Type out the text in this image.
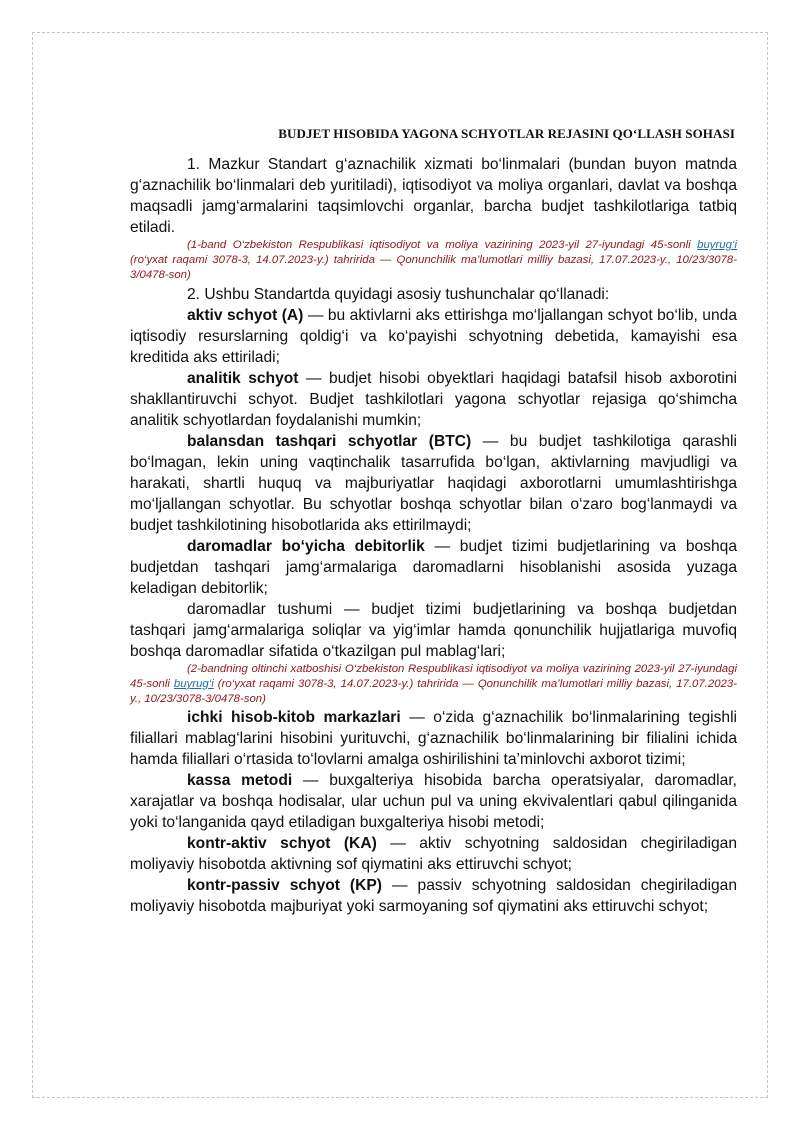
BUDJET HISOBIDA YAGONA SCHYOTLAR REJASINI QO‘LLASH SOHASI

1. Mazkur Standart g‘aznachilik xizmati bo‘linmalari (bundan buyon matnda g‘aznachilik bo‘linmalari deb yuritiladi), iqtisodiyot va moliya organlari, davlat va boshqa maqsadli jamg‘armalarini taqsimlovchi organlar, barcha budjet tashkilotlariga tatbiq etiladi.

(1-band O‘zbekiston Respublikasi iqtisodiyot va moliya vazirining 2023-yil 27-iyundagi 45-sonli buyrug‘i (ro‘yxat raqami 3078-3, 14.07.2023-y.) tahririda — Qonunchilik ma’lumotlari milliy bazasi, 17.07.2023-y., 10/23/3078-3/0478-son)

2. Ushbu Standartda quyidagi asosiy tushunchalar qo‘llanadi:

aktiv schyot (A) — bu aktivlarni aks ettirishga mo‘ljallangan schyot bo‘lib, unda iqtisodiy resurslarning qoldig‘i va ko‘payishi schyotning debetida, kamayishi esa kreditida aks ettiriladi;

analitik schyot — budjet hisobi obyektlari haqidagi batafsil hisob axborotini shakllantiruvchi schyot. Budjet tashkilotlari yagona schyotlar rejasiga qo‘shimcha analitik schyotlardan foydalanishi mumkin;

balansdan tashqari schyotlar (BTC) — bu budjet tashkilotiga qarashli bo‘lmagan, lekin uning vaqtinchalik tasarrufida bo‘lgan, aktivlarning mavjudligi va harakati, shartli huquq va majburiyatlar haqidagi axborotlarni umumlashtirishga mo‘ljallangan schyotlar. Bu schyotlar boshqa schyotlar bilan o‘zaro bog‘lanmaydi va budjet tashkilotining hisobotlarida aks ettirilmaydi;

daromadlar bo‘yicha debitorlik — budjet tizimi budjetlarining va boshqa budjetdan tashqari jamg‘armalariga daromadlarni hisoblanishi asosida yuzaga keladigan debitorlik;

daromadlar tushumi — budjet tizimi budjetlarining va boshqa budjetdan tashqari jamg‘armalariga soliqlar va yig‘imlar hamda qonunchilik hujjatlariga muvofiq boshqa daromadlar sifatida o‘tkazilgan pul mablag‘lari;

(2-bandning oltinchi xatboshisi O‘zbekiston Respublikasi iqtisodiyot va moliya vazirining 2023-yil 27-iyundagi 45-sonli buyrug‘i (ro‘yxat raqami 3078-3, 14.07.2023-y.) tahririda — Qonunchilik ma’lumotlari milliy bazasi, 17.07.2023-y., 10/23/3078-3/0478-son)

ichki hisob-kitob markazlari — o‘zida g‘aznachilik bo‘linmalarining tegishli filiallari mablag‘larini hisobini yurituvchi, g‘aznachilik bo‘linmalarining bir filialini ichida hamda filiallari o‘rtasida to‘lovlarni amalga oshirilishini ta’minlovchi axborot tizimi;

kassa metodi — buxgalteriya hisobida barcha operatsiyalar, daromadlar, xarajatlar va boshqa hodisalar, ular uchun pul va uning ekvivalentlari qabul qilinganida yoki to‘langanida qayd etiladigan buxgalteriya hisobi metodi;

kontr-aktiv schyot (KA) — aktiv schyotning saldosidan chegiriladigan moliyaviy hisobotda aktivning sof qiymatini aks ettiruvchi schyot;

kontr-passiv schyot (KP) — passiv schyotning saldosidan chegiriladigan moliyaviy hisobotda majburiyat yoki sarmoyaning sof qiymatini aks ettiruvchi schyot;
